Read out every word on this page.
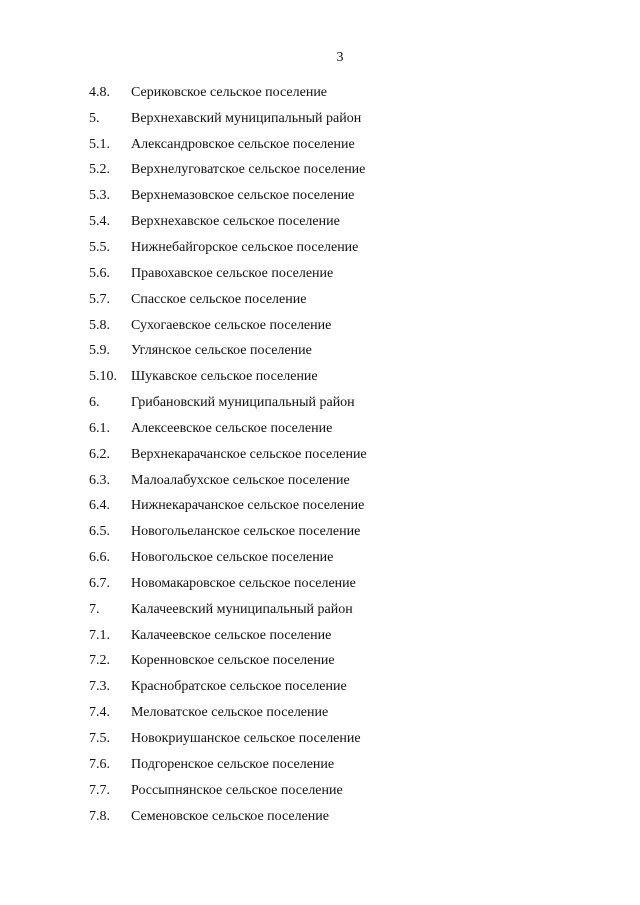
3
4.8.	Сериковское сельское поселение
5.	Верхнехавский муниципальный район
5.1.	Александровское сельское поселение
5.2.	Верхнелуговатское сельское поселение
5.3.	Верхнемазовское сельское поселение
5.4.	Верхнехавское сельское поселение
5.5.	Нижнебайгорское сельское поселение
5.6.	Правохавское сельское поселение
5.7.	Спасское сельское поселение
5.8.	Сухогаевское сельское поселение
5.9.	Углянское сельское поселение
5.10.	Шукавское сельское поселение
6.	Грибановский муниципальный район
6.1.	Алексеевское сельское поселение
6.2.	Верхнекарачанское сельское поселение
6.3.	Малоалабухское сельское поселение
6.4.	Нижнекарачанское сельское поселение
6.5.	Новогольеланское сельское поселение
6.6.	Новогольское сельское поселение
6.7.	Новомакаровское сельское поселение
7.	Калачеевский муниципальный район
7.1.	Калачеевское сельское поселение
7.2.	Коренновское сельское поселение
7.3.	Краснобратское сельское поселение
7.4.	Меловатское сельское поселение
7.5.	Новокриушанское сельское поселение
7.6.	Подгоренское сельское поселение
7.7.	Россыпнянское сельское поселение
7.8.	Семеновское сельское поселение
